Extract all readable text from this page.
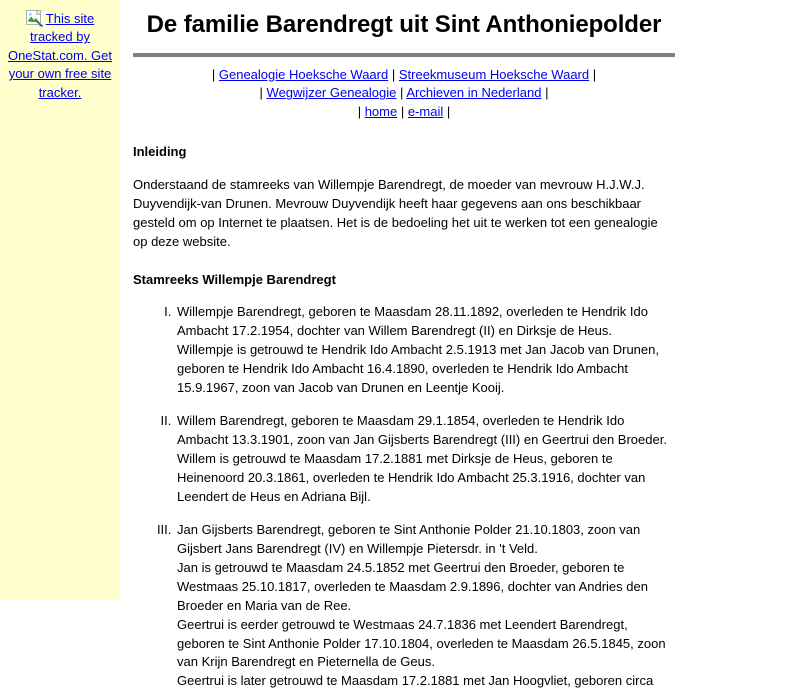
This site tracked by OneStat.com. Get your own free site tracker.
De familie Barendregt uit Sint Anthoniepolder
| Genealogie Hoeksche Waard | Streekmuseum Hoeksche Waard |
| Wegwijzer Genealogie | Archieven in Nederland |
| home | e-mail |
Inleiding

Onderstaand de stamreeks van Willempje Barendregt, de moeder van mevrouw H.J.W.J. Duyvendijk-van Drunen. Mevrouw Duyvendijk heeft haar gegevens aan ons beschikbaar gesteld om op Internet te plaatsen. Het is de bedoeling het uit te werken tot een genealogie op deze website.

Stamreeks Willempje Barendregt
I. Willempje Barendregt, geboren te Maasdam 28.11.1892, overleden te Hendrik Ido Ambacht 17.2.1954, dochter van Willem Barendregt (II) en Dirksje de Heus.
Willempje is getrouwd te Hendrik Ido Ambacht 2.5.1913 met Jan Jacob van Drunen, geboren te Hendrik Ido Ambacht 16.4.1890, overleden te Hendrik Ido Ambacht 15.9.1967, zoon van Jacob van Drunen en Leentje Kooij.
II. Willem Barendregt, geboren te Maasdam 29.1.1854, overleden te Hendrik Ido Ambacht 13.3.1901, zoon van Jan Gijsberts Barendregt (III) en Geertrui den Broeder.
Willem is getrouwd te Maasdam 17.2.1881 met Dirksje de Heus, geboren te Heinenoord 20.3.1861, overleden te Hendrik Ido Ambacht 25.3.1916, dochter van Leendert de Heus en Adriana Bijl.
III. Jan Gijsberts Barendregt, geboren te Sint Anthonie Polder 21.10.1803, zoon van Gijsbert Jans Barendregt (IV) en Willempje Pietersdr. in 't Veld.
Jan is getrouwd te Maasdam 24.5.1852 met Geertrui den Broeder, geboren te Westmaas 25.10.1817, overleden te Maasdam 2.9.1896, dochter van Andries den Broeder en Maria van de Ree.
Geertrui is eerder getrouwd te Westmaas 24.7.1836 met Leendert Barendregt, geboren te Sint Anthonie Polder 17.10.1804, overleden te Maasdam 26.5.1845, zoon van Krijn Barendregt en Pieternella de Geus.
Geertrui is later getrouwd te Maasdam 17.2.1881 met Jan Hoogvliet, geboren circa
